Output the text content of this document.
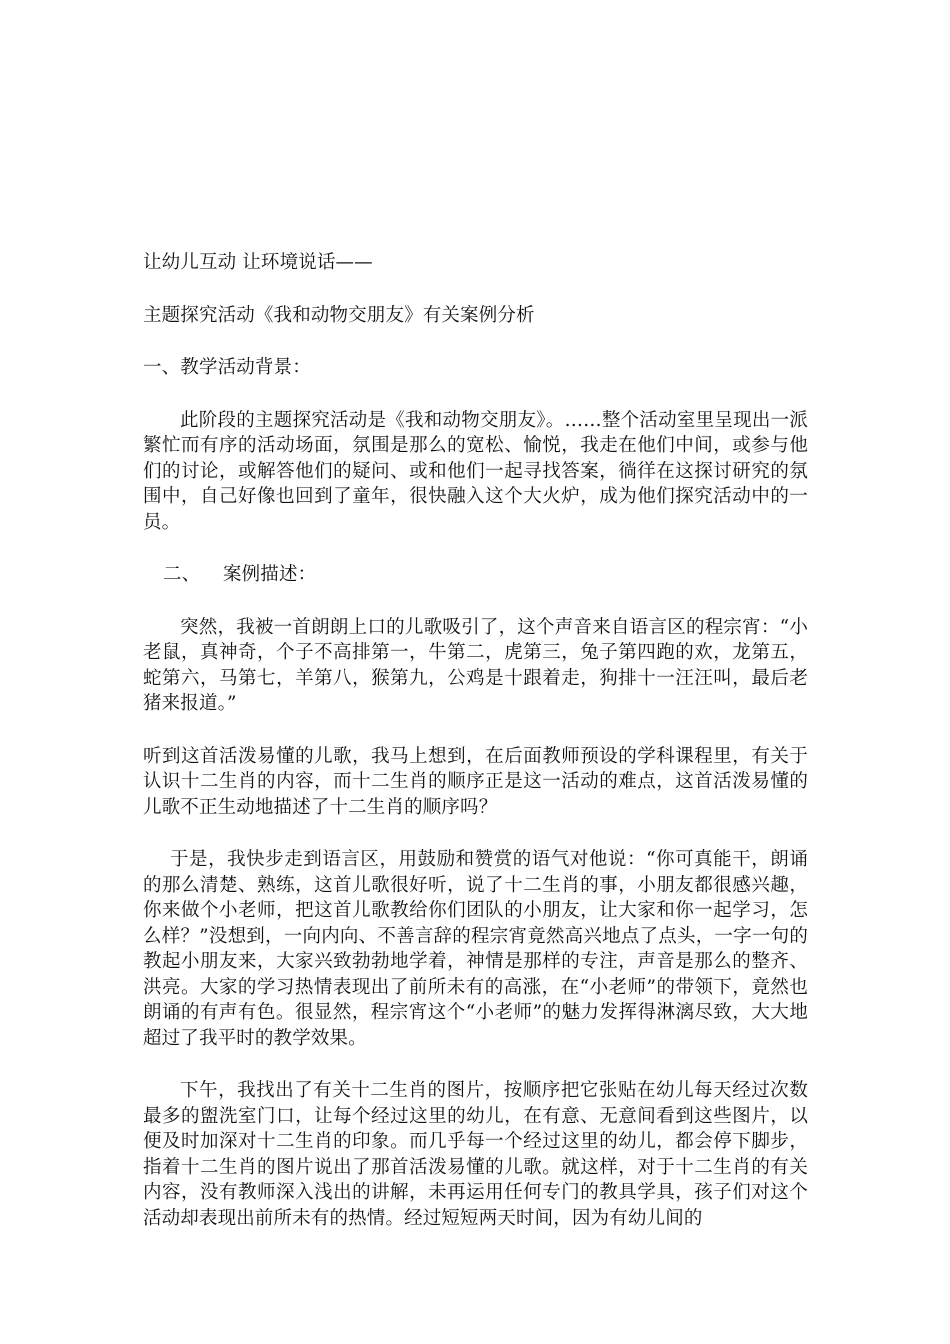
让幼儿互动 让环境说话——
主题探究活动《我和动物交朋友》有关案例分析
一、教学活动背景：
此阶段的主题探究活动是《我和动物交朋友》。……整个活动室里呈现出一派繁忙而有序的活动场面，氛围是那么的宽松、愉悦，我走在他们中间，或参与他们的讨论，或解答他们的疑问、或和他们一起寻找答案，徜徉在这探讨研究的氛围中，自己好像也回到了童年，很快融入这个大火炉，成为他们探究活动中的一员。
二、 案例描述：
突然，我被一首朗朗上口的儿歌吸引了，这个声音来自语言区的程宗宵：“小老鼠，真神奇，个子不高排第一，牛第二，虎第三，兔子第四跑的欢，龙第五，蛇第六，马第七，羊第八，猴第九，公鸡是十跟着走，狗排十一汪汪叫，最后老猪来报道。”
听到这首活泼易懂的儿歌，我马上想到，在后面教师预设的学科课程里，有关于认识十二生肖的内容，而十二生肖的顺序正是这一活动的难点，这首活泼易懂的儿歌不正生动地描述了十二生肖的顺序吗？
于是，我快步走到语言区，用鼓励和赞赏的语气对他说：“你可真能干，朗诵的那么清楚、熟练，这首儿歌很好听，说了十二生肖的事，小朋友都很感兴趣，你来做个小老师，把这首儿歌教给你们团队的小朋友，让大家和你一起学习，怎么样？”没想到，一向内向、不善言辞的程宗宵竟然高兴地点了点头，一字一句的教起小朋友来，大家兴致勃勃地学着，神情是那样的专注，声音是那么的整齐、洪亮。大家的学习热情表现出了前所未有的高涨，在“小老师”的带领下，竟然也朗诵的有声有色。很显然，程宗宵这个“小老师”的魅力发挥得淋漓尽致，大大地超过了我平时的教学效果。
下午，我找出了有关十二生肖的图片，按顺序把它张贴在幼儿每天经过次数最多的盥洗室门口，让每个经过这里的幼儿，在有意、无意间看到这些图片，以便及时加深对十二生肖的印象。而几乎每一个经过这里的幼儿，都会停下脚步，指着十二生肖的图片说出了那首活泼易懂的儿歌。就这样，对于十二生肖的有关内容，没有教师深入浅出的讲解，未再运用任何专门的教具学具，孩子们对这个活动却表现出前所未有的热情。经过短短两天时间，因为有幼儿间的
